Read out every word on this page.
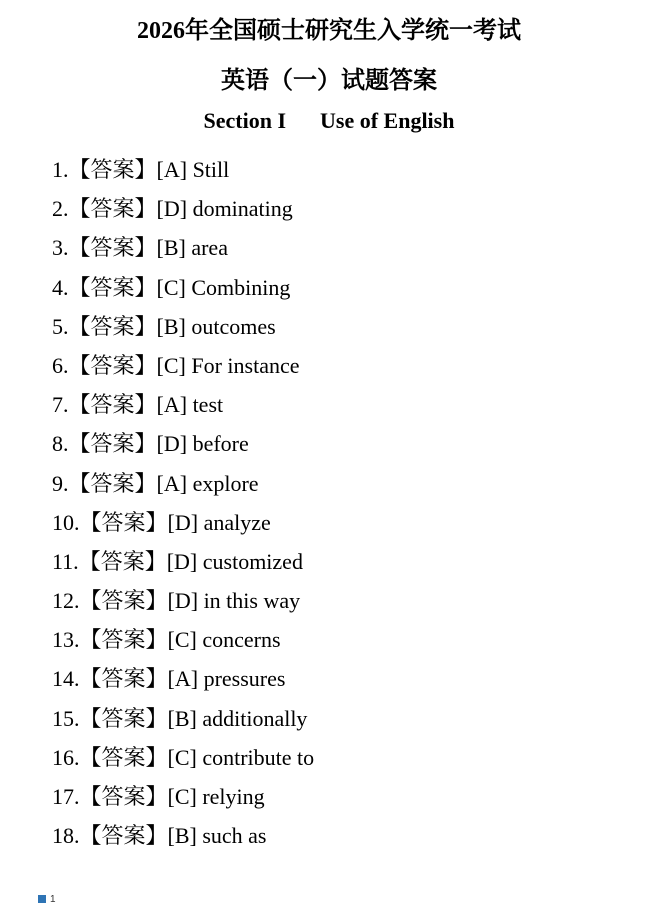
2026年全国硕士研究生入学统一考试
英语（一）试题答案
Section I Use of English
1.【答案】[A] Still
2.【答案】[D] dominating
3.【答案】[B] area
4.【答案】[C] Combining
5.【答案】[B] outcomes
6.【答案】[C] For instance
7.【答案】[A] test
8.【答案】[D] before
9.【答案】[A] explore
10.【答案】[D] analyze
11.【答案】[D] customized
12.【答案】[D] in this way
13.【答案】[C] concerns
14.【答案】[A] pressures
15.【答案】[B] additionally
16.【答案】[C] contribute to
17.【答案】[C] relying
18.【答案】[B] such as
1
